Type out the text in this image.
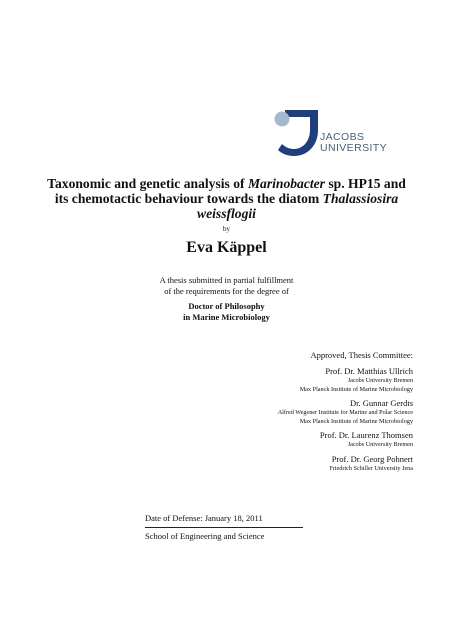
JACOBS
UNIVERSITY
Taxonomic and genetic analysis of Marinobacter sp. HP15 and its chemotactic behaviour towards the diatom Thalassiosira weissflogii
by
Eva Käppel
A thesis submitted in partial fulfillment
of the requirements for the degree of
Doctor of Philosophy
in Marine Microbiology
Approved, Thesis Committee:
Prof. Dr. Matthias Ullrich
Jacobs University Bremen
Max Planck Institute of Marine Microbiology
Dr. Gunnar Gerdts
Alfred Wegener Institute for Marine and Polar Science
Max Planck Institute of Marine Microbiology
Prof. Dr. Laurenz Thomsen
Jacobs University Bremen
Prof. Dr. Georg Pohnert
Friedrich Schiller University Jena
Date of Defense: January 18, 2011
School of Engineering and Science
